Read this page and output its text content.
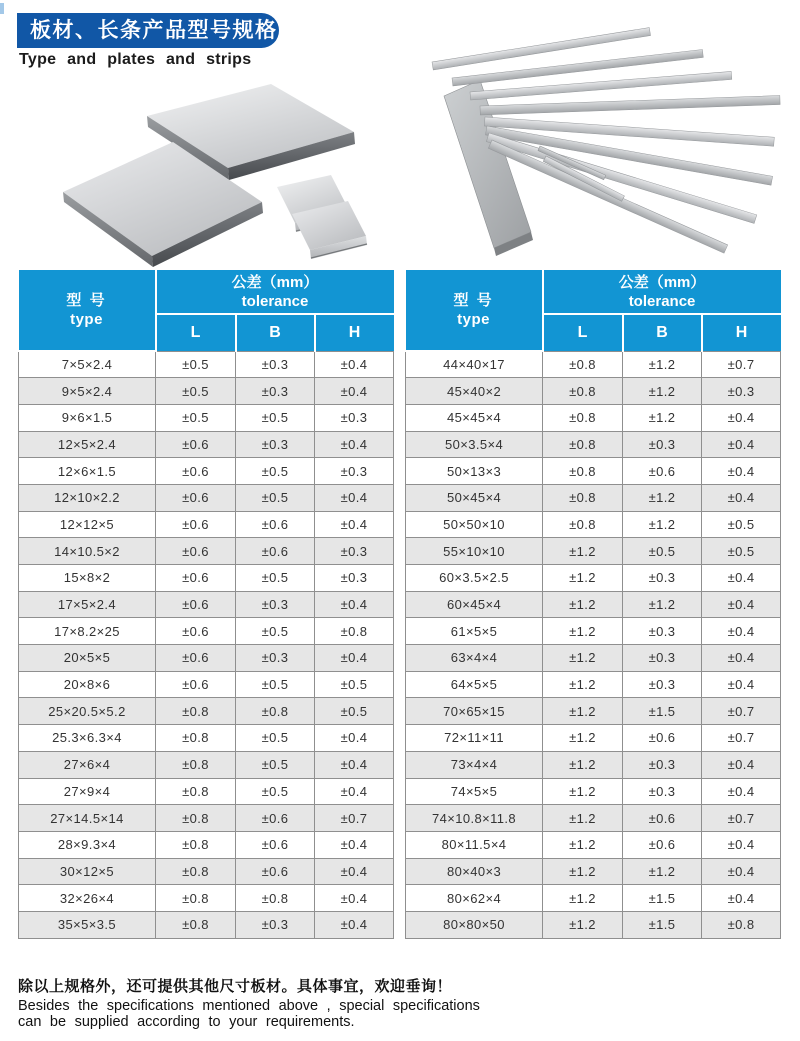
板材、长条产品型号规格
Type and plates and strips
型 号
type

公差（mm）
tolerance

	L	B	H
7×5×2.4	±0.5	±0.3	±0.4
9×5×2.4	±0.5	±0.3	±0.4
9×6×1.5	±0.5	±0.5	±0.3
12×5×2.4	±0.6	±0.3	±0.4
12×6×1.5	±0.6	±0.5	±0.3
12×10×2.2	±0.6	±0.5	±0.4
12×12×5	±0.6	±0.6	±0.4
14×10.5×2	±0.6	±0.6	±0.3
15×8×2	±0.6	±0.5	±0.3
17×5×2.4	±0.6	±0.3	±0.4
17×8.2×25	±0.6	±0.5	±0.8
20×5×5	±0.6	±0.3	±0.4
20×8×6	±0.6	±0.5	±0.5
25×20.5×5.2	±0.8	±0.8	±0.5
25.3×6.3×4	±0.8	±0.5	±0.4
27×6×4	±0.8	±0.5	±0.4
27×9×4	±0.8	±0.5	±0.4
27×14.5×14	±0.8	±0.6	±0.7
28×9.3×4	±0.8	±0.6	±0.4
30×12×5	±0.8	±0.6	±0.4
32×26×4	±0.8	±0.8	±0.4
35×5×3.5	±0.8	±0.3	±0.4
型 号
type

公差（mm）
tolerance

	L	B	H
44×40×17	±0.8	±1.2	±0.7
45×40×2	±0.8	±1.2	±0.3
45×45×4	±0.8	±1.2	±0.4
50×3.5×4	±0.8	±0.3	±0.4
50×13×3	±0.8	±0.6	±0.4
50×45×4	±0.8	±1.2	±0.4
50×50×10	±0.8	±1.2	±0.5
55×10×10	±1.2	±0.5	±0.5
60×3.5×2.5	±1.2	±0.3	±0.4
60×45×4	±1.2	±1.2	±0.4
61×5×5	±1.2	±0.3	±0.4
63×4×4	±1.2	±0.3	±0.4
64×5×5	±1.2	±0.3	±0.4
70×65×15	±1.2	±1.5	±0.7
72×11×11	±1.2	±0.6	±0.7
73×4×4	±1.2	±0.3	±0.4
74×5×5	±1.2	±0.3	±0.4
74×10.8×11.8	±1.2	±0.6	±0.7
80×11.5×4	±1.2	±0.6	±0.4
80×40×3	±1.2	±1.2	±0.4
80×62×4	±1.2	±1.5	±0.4
80×80×50	±1.2	±1.5	±0.8
除以上规格外，还可提供其他尺寸板材。具体事宜，欢迎垂询！
Besides the specifications mentioned above , special specifications
can be supplied according to your requirements.
